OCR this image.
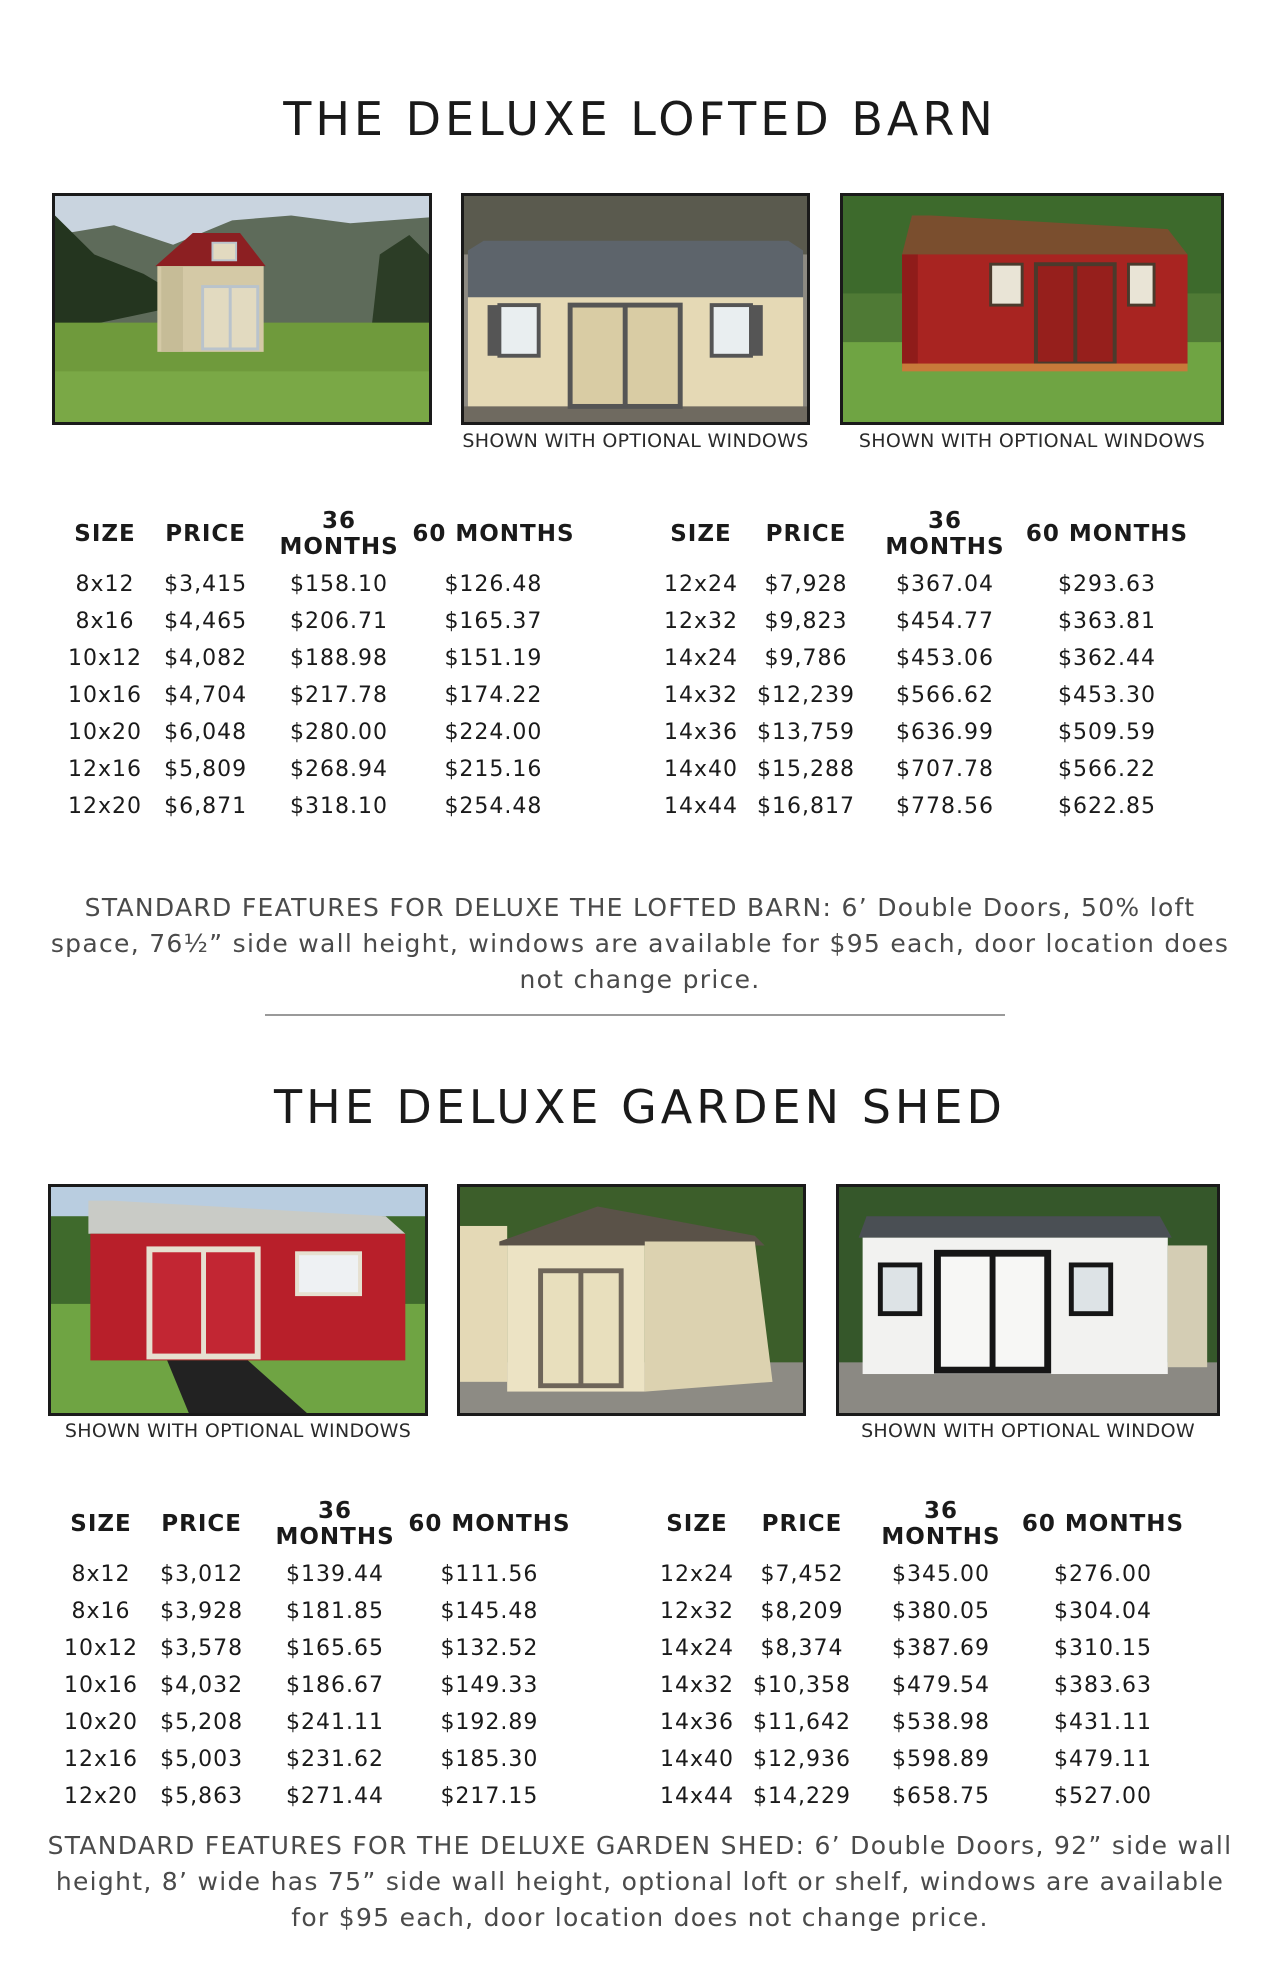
THE DELUXE LOFTED BARN
SHOWN WITH OPTIONAL WINDOWS	SHOWN WITH OPTIONAL WINDOWS
SIZE	PRICE	36 MONTHS	60 MONTHS
8x12	$3,415	$158.10	$126.48
8x16	$4,465	$206.71	$165.37
10x12	$4,082	$188.98	$151.19
10x16	$4,704	$217.78	$174.22
10x20	$6,048	$280.00	$224.00
12x16	$5,809	$268.94	$215.16
12x20	$6,871	$318.10	$254.48
SIZE	PRICE	36 MONTHS	60 MONTHS
12x24	$7,928	$367.04	$293.63
12x32	$9,823	$454.77	$363.81
14x24	$9,786	$453.06	$362.44
14x32	$12,239	$566.62	$453.30
14x36	$13,759	$636.99	$509.59
14x40	$15,288	$707.78	$566.22
14x44	$16,817	$778.56	$622.85

STANDARD FEATURES FOR DELUXE THE LOFTED BARN: 6’ Double Doors, 50% loft space, 76½” side wall height, windows are available for $95 each, door location does not change price.

THE DELUXE GARDEN SHED
SHOWN WITH OPTIONAL WINDOWS	SHOWN WITH OPTIONAL WINDOW
SIZE	PRICE	36 MONTHS	60 MONTHS
8x12	$3,012	$139.44	$111.56
8x16	$3,928	$181.85	$145.48
10x12	$3,578	$165.65	$132.52
10x16	$4,032	$186.67	$149.33
10x20	$5,208	$241.11	$192.89
12x16	$5,003	$231.62	$185.30
12x20	$5,863	$271.44	$217.15
SIZE	PRICE	36 MONTHS	60 MONTHS
12x24	$7,452	$345.00	$276.00
12x32	$8,209	$380.05	$304.04
14x24	$8,374	$387.69	$310.15
14x32	$10,358	$479.54	$383.63
14x36	$11,642	$538.98	$431.11
14x40	$12,936	$598.89	$479.11
14x44	$14,229	$658.75	$527.00

STANDARD FEATURES FOR THE DELUXE GARDEN SHED: 6’ Double Doors, 92” side wall height, 8’ wide has 75” side wall height, optional loft or shelf, windows are available for $95 each, door location does not change price.
